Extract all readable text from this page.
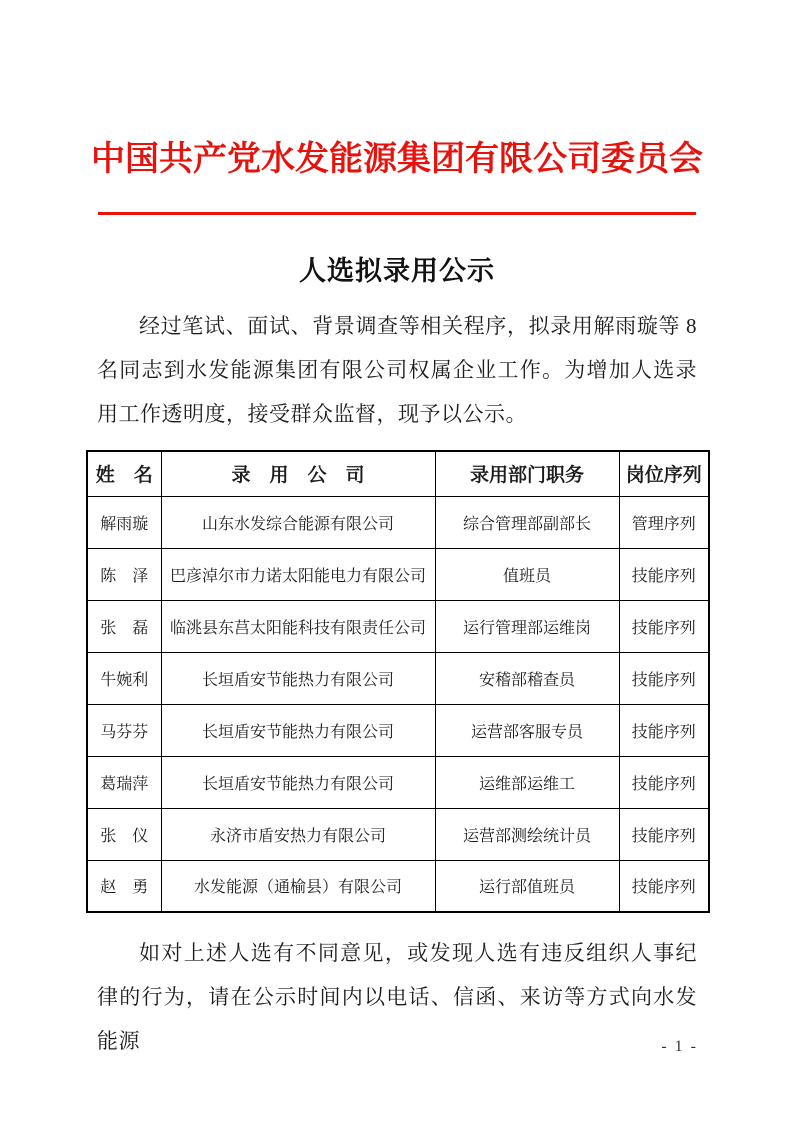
中国共产党水发能源集团有限公司委员会
人选拟录用公示

经过笔试、面试、背景调查等相关程序，拟录用解雨璇等 8 名同志到水发能源集团有限公司权属企业工作。为增加人选录用工作透明度，接受群众监督，现予以公示。

姓　名	录　用　公　司	录用部门职务	岗位序列
解雨璇	山东水发综合能源有限公司	综合管理部副部长	管理序列
陈　泽	巴彦淖尔市力诺太阳能电力有限公司	值班员	技能序列
张　磊	临洮县东莒太阳能科技有限责任公司	运行管理部运维岗	技能序列
牛婉利	长垣盾安节能热力有限公司	安稽部稽查员	技能序列
马芬芬	长垣盾安节能热力有限公司	运营部客服专员	技能序列
葛瑞萍	长垣盾安节能热力有限公司	运维部运维工	技能序列
张　仪	永济市盾安热力有限公司	运营部测绘统计员	技能序列
赵　勇	水发能源（通榆县）有限公司	运行部值班员	技能序列

如对上述人选有不同意见，或发现人选有违反组织人事纪律的行为，请在公示时间内以电话、信函、来访等方式向水发能源	- 1 -
